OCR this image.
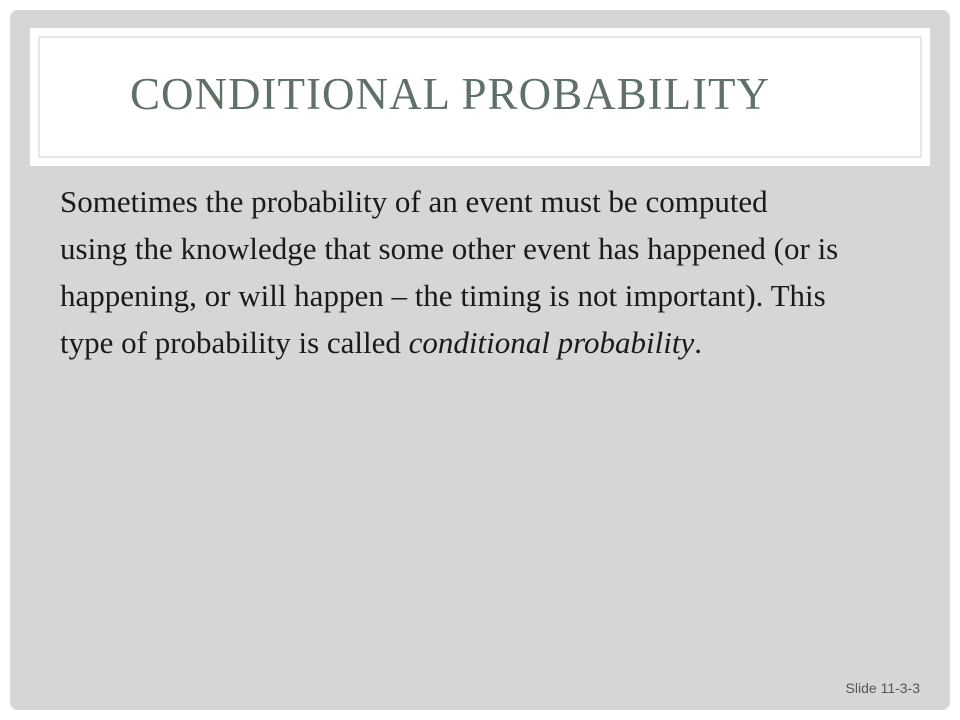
CONDITIONAL PROBABILITY

Sometimes the probability of an event must be computed using the knowledge that some other event has happened (or is happening, or will happen – the timing is not important). This type of probability is called conditional probability.

Slide 11-3-3
